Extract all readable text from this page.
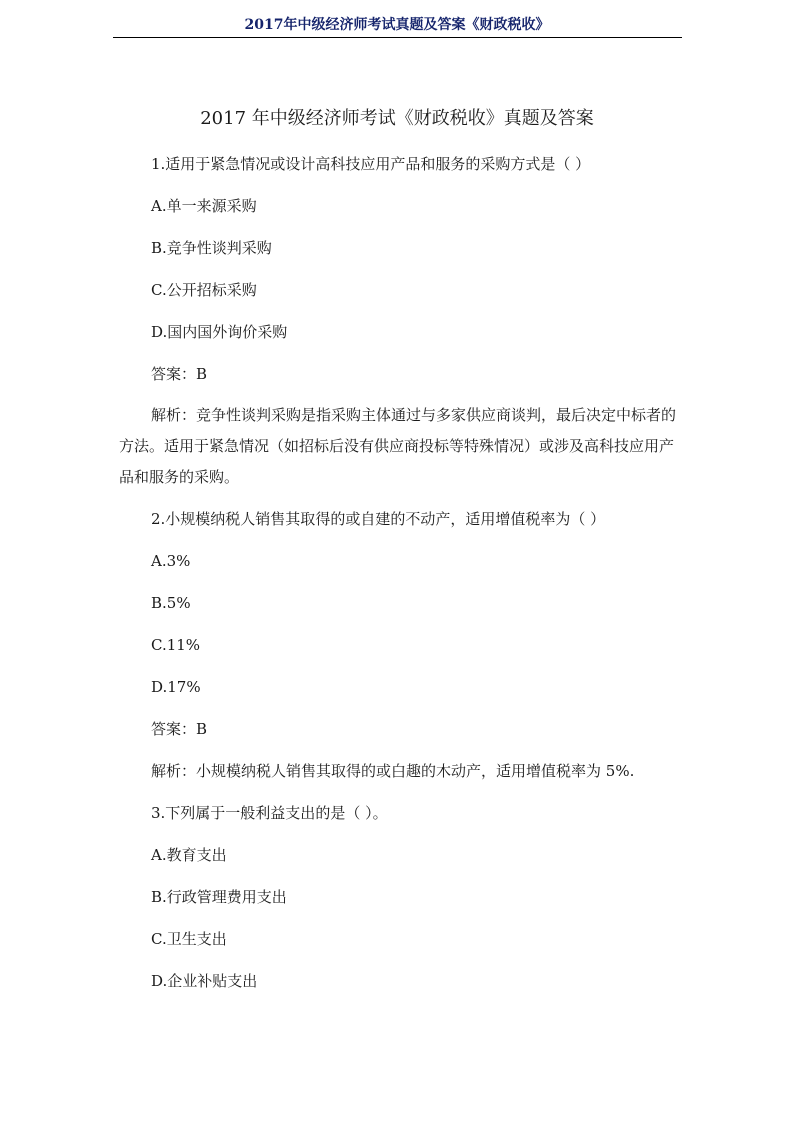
2017年中级经济师考试真题及答案《财政税收》
2017 年中级经济师考试《财政税收》真题及答案
1.适用于紧急情况或设计高科技应用产品和服务的采购方式是（ ）
A.单一来源采购
B.竞争性谈判采购
C.公开招标采购
D.国内国外询价采购
答案：B
解析：竞争性谈判采购是指采购主体通过与多家供应商谈判，最后决定中标者的方法。适用于紧急情况（如招标后没有供应商投标等特殊情况）或涉及高科技应用产品和服务的采购。
2.小规模纳税人销售其取得的或自建的不动产，适用增值税率为（ ）
A.3%
B.5%
C.11%
D.17%
答案：B
解析：小规模纳税人销售其取得的或白趣的木动产，适用增值税率为 5%.
3.下列属于一般利益支出的是（ ）。
A.教育支出
B.行政管理费用支出
C.卫生支出
D.企业补贴支出
